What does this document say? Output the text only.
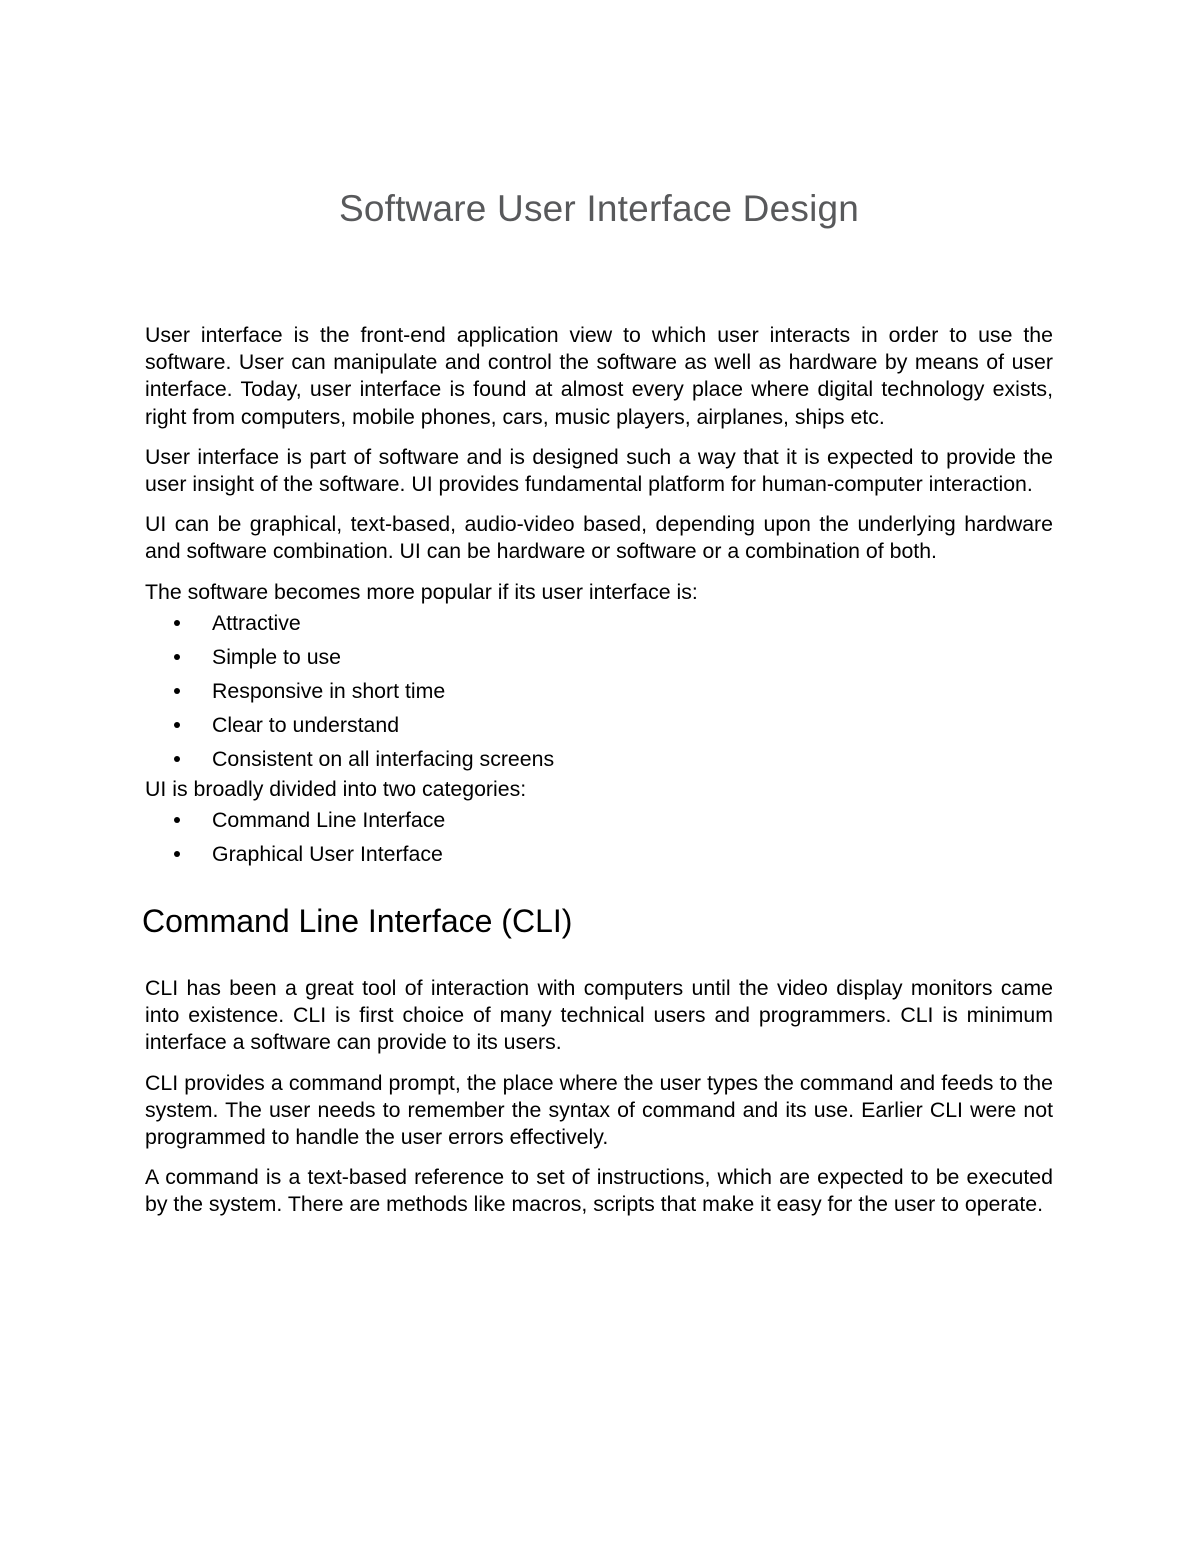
Software User Interface Design

User interface is the front-end application view to which user interacts in order to use the software. User can manipulate and control the software as well as hardware by means of user interface. Today, user interface is found at almost every place where digital technology exists, right from computers, mobile phones, cars, music players, airplanes, ships etc.

User interface is part of software and is designed such a way that it is expected to provide the user insight of the software. UI provides fundamental platform for human-computer interaction.

UI can be graphical, text-based, audio-video based, depending upon the underlying hardware and software combination. UI can be hardware or software or a combination of both.

The software becomes more popular if its user interface is:

Attractive
Simple to use
Responsive in short time
Clear to understand
Consistent on all interfacing screens

UI is broadly divided into two categories:

Command Line Interface
Graphical User Interface
Command Line Interface (CLI)

CLI has been a great tool of interaction with computers until the video display monitors came into existence. CLI is first choice of many technical users and programmers. CLI is minimum interface a software can provide to its users.

CLI provides a command prompt, the place where the user types the command and feeds to the system. The user needs to remember the syntax of command and its use. Earlier CLI were not programmed to handle the user errors effectively.

A command is a text-based reference to set of instructions, which are expected to be executed by the system. There are methods like macros, scripts that make it easy for the user to operate.
